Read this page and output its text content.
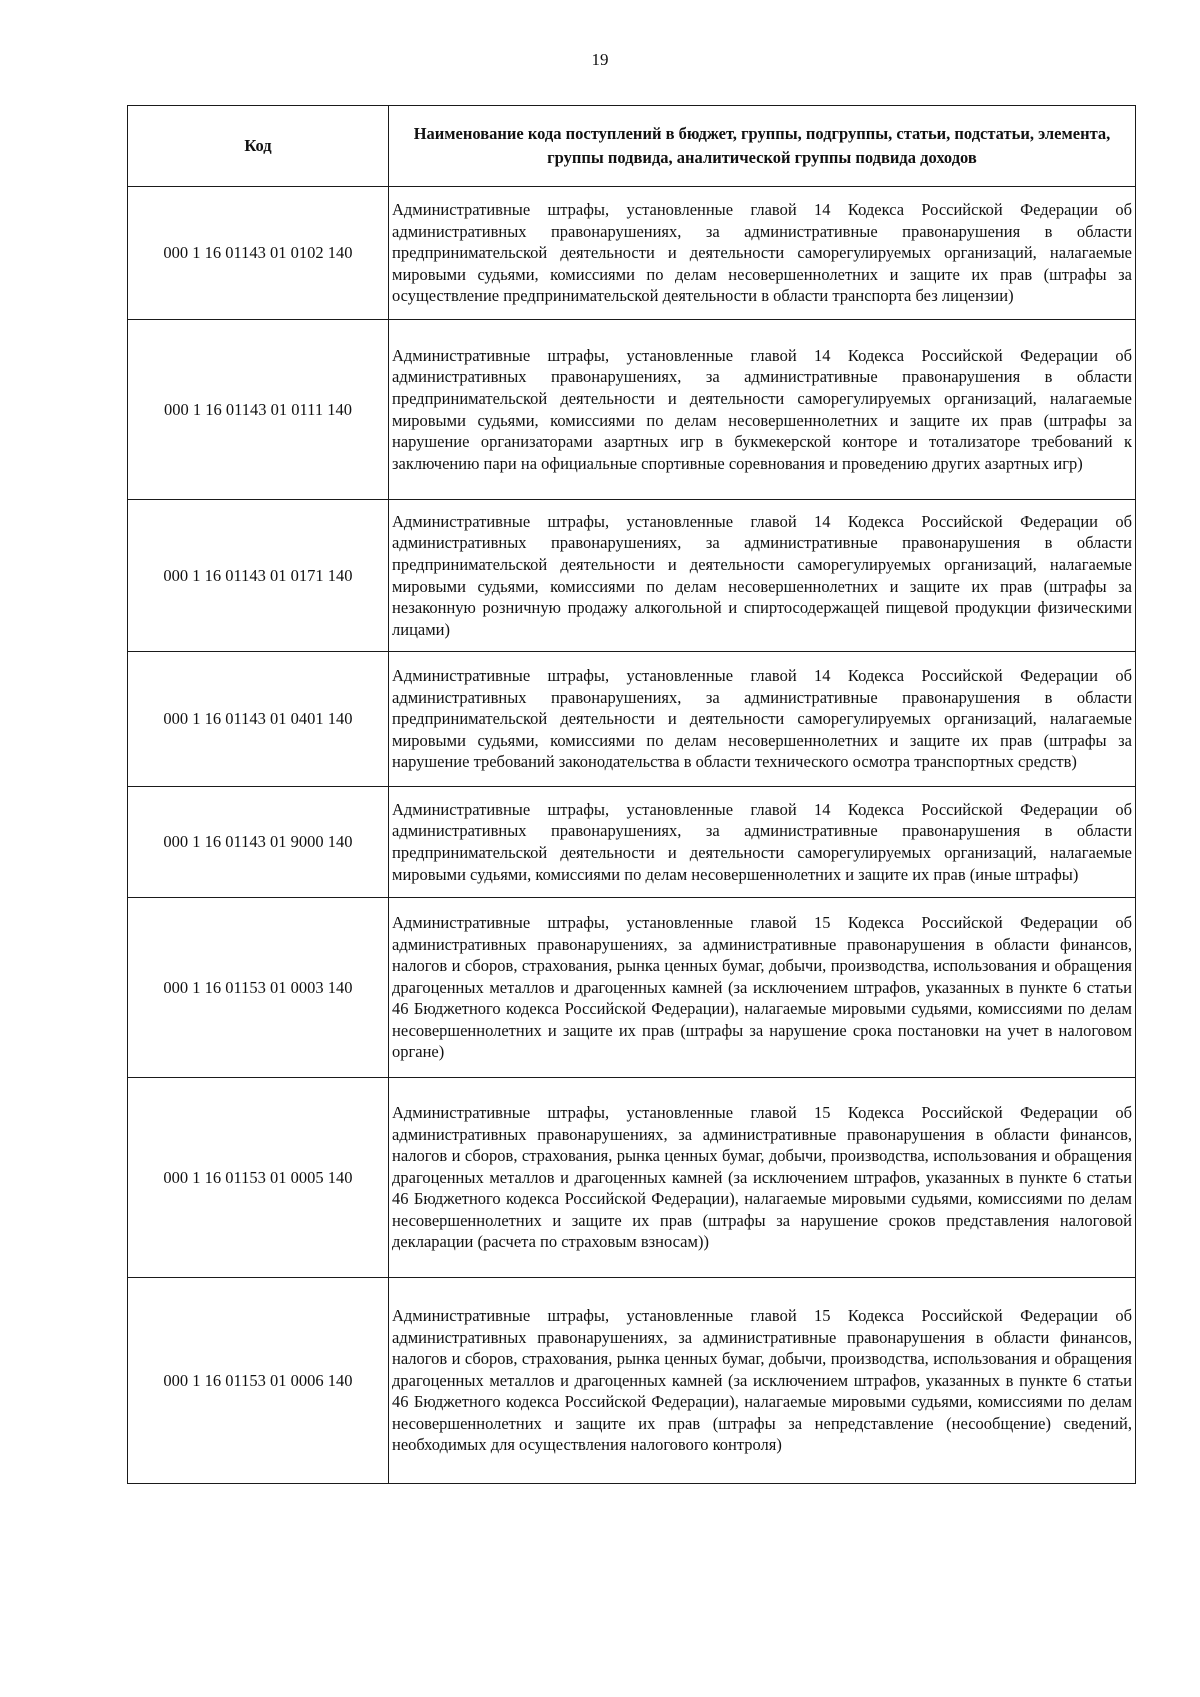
19
Код	Наименование кода поступлений в бюджет, группы, подгруппы, статьи, подстатьи, элемента, группы подвида, аналитической группы подвида доходов
000 1 16 01143 01 0102 140	Административные штрафы, установленные главой 14 Кодекса Российской Федерации об административных правонарушениях, за административные правонарушения в области предпринимательской деятельности и деятельности саморегулируемых организаций, налагаемые мировыми судьями, комиссиями по делам несовершеннолетних и защите их прав (штрафы за осуществление предпринимательской деятельности в области транспорта без лицензии)
000 1 16 01143 01 0111 140	Административные штрафы, установленные главой 14 Кодекса Российской Федерации об административных правонарушениях, за административные правонарушения в области предпринимательской деятельности и деятельности саморегулируемых организаций, налагаемые мировыми судьями, комиссиями по делам несовершеннолетних и защите их прав (штрафы за нарушение организаторами азартных игр в букмекерской конторе и тотализаторе требований к заключению пари на официальные спортивные соревнования и проведению других азартных игр)
000 1 16 01143 01 0171 140	Административные штрафы, установленные главой 14 Кодекса Российской Федерации об административных правонарушениях, за административные правонарушения в области предпринимательской деятельности и деятельности саморегулируемых организаций, налагаемые мировыми судьями, комиссиями по делам несовершеннолетних и защите их прав (штрафы за незаконную розничную продажу алкогольной и спиртосодержащей пищевой продукции физическими лицами)
000 1 16 01143 01 0401 140	Административные штрафы, установленные главой 14 Кодекса Российской Федерации об административных правонарушениях, за административные правонарушения в области предпринимательской деятельности и деятельности саморегулируемых организаций, налагаемые мировыми судьями, комиссиями по делам несовершеннолетних и защите их прав (штрафы за нарушение требований законодательства в области технического осмотра транспортных средств)
000 1 16 01143 01 9000 140	Административные штрафы, установленные главой 14 Кодекса Российской Федерации об административных правонарушениях, за административные правонарушения в области предпринимательской деятельности и деятельности саморегулируемых организаций, налагаемые мировыми судьями, комиссиями по делам несовершеннолетних и защите их прав (иные штрафы)
000 1 16 01153 01 0003 140	Административные штрафы, установленные главой 15 Кодекса Российской Федерации об административных правонарушениях, за административные правонарушения в области финансов, налогов и сборов, страхования, рынка ценных бумаг, добычи, производства, использования и обращения драгоценных металлов и драгоценных камней (за исключением штрафов, указанных в пункте 6 статьи 46 Бюджетного кодекса Российской Федерации), налагаемые мировыми судьями, комиссиями по делам несовершеннолетних и защите их прав (штрафы за нарушение срока постановки на учет в налоговом органе)
000 1 16 01153 01 0005 140	Административные штрафы, установленные главой 15 Кодекса Российской Федерации об административных правонарушениях, за административные правонарушения в области финансов, налогов и сборов, страхования, рынка ценных бумаг, добычи, производства, использования и обращения драгоценных металлов и драгоценных камней (за исключением штрафов, указанных в пункте 6 статьи 46 Бюджетного кодекса Российской Федерации), налагаемые мировыми судьями, комиссиями по делам несовершеннолетних и защите их прав (штрафы за нарушение сроков представления налоговой декларации (расчета по страховым взносам))
000 1 16 01153 01 0006 140	Административные штрафы, установленные главой 15 Кодекса Российской Федерации об административных правонарушениях, за административные правонарушения в области финансов, налогов и сборов, страхования, рынка ценных бумаг, добычи, производства, использования и обращения драгоценных металлов и драгоценных камней (за исключением штрафов, указанных в пункте 6 статьи 46 Бюджетного кодекса Российской Федерации), налагаемые мировыми судьями, комиссиями по делам несовершеннолетних и защите их прав (штрафы за непредставление (несообщение) сведений, необходимых для осуществления налогового контроля)
